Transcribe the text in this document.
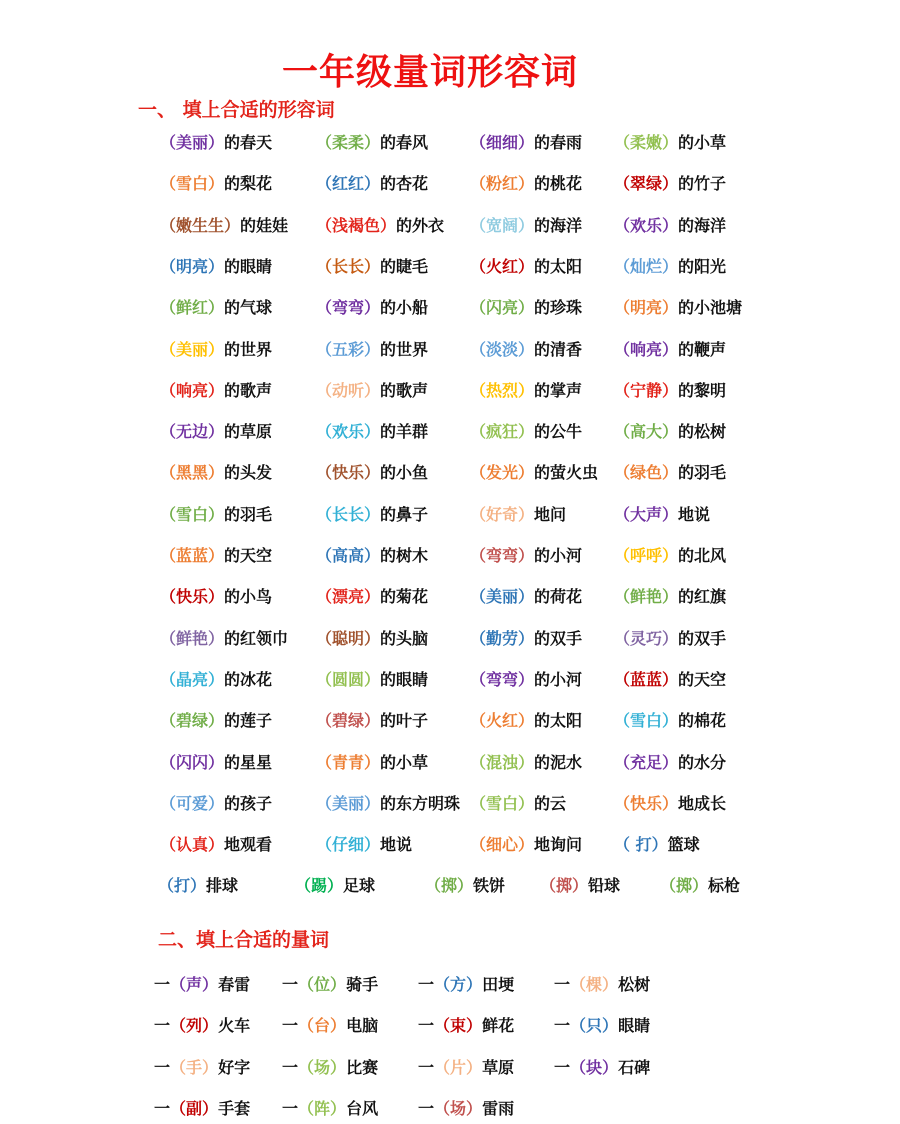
一年级量词形容词
一、 填上合适的形容词
（美丽）的春天	（柔柔）的春风	（细细）的春雨 （柔嫩）的小草
（雪白）的梨花	（红红）的杏花	（粉红）的桃花 （翠绿）的竹子
（嫩生生）的娃娃 （浅褐色）的外衣 （宽阔）的海洋 （欢乐）的海洋
（明亮）的眼睛	（长长）的睫毛	（火红）的太阳 （灿烂）的阳光
（鲜红）的气球	（弯弯）的小船	（闪亮）的珍珠 （明亮）的小池塘
（美丽）的世界	（五彩）的世界	（淡淡）的清香 （响亮）的鞭声
（响亮）的歌声	（动听）的歌声	（热烈）的掌声 （宁静）的黎明
（无边）的草原	（欢乐）的羊群	（疯狂）的公牛 （高大）的松树
（黑黑）的头发	（快乐）的小鱼	（发光）的萤火虫 （绿色）的羽毛
（雪白）的羽毛	（长长）的鼻子	（好奇）地问	（大声）地说
（蓝蓝）的天空	（高高）的树木	（弯弯）的小河 （呼呼）的北风
（快乐）的小鸟	（漂亮）的菊花	（美丽）的荷花 （鲜艳）的红旗
（鲜艳）的红领巾 （聪明）的头脑	（勤劳）的双手 （灵巧）的双手
（晶亮）的冰花	（圆圆）的眼睛	（弯弯）的小河 （蓝蓝）的天空
（碧绿）的莲子	（碧绿）的叶子	（火红）的太阳 （雪白）的棉花
（闪闪）的星星	（青青）的小草	（混浊）的泥水 （充足）的水分
（可爱）的孩子	（美丽）的东方明珠 （雪白）的云	（快乐）地成长
（认真）地观看	（仔细）地说	（细心）地询问 （ 打）篮球
（打）排球	（踢）足球	（掷）铁饼 （掷）铅球 （掷）标枪
二、填上合适的量词
一（声）春雷 一（位）骑手 一（方）田埂 一（棵）松树
一（列）火车 一（台）电脑 一（束）鲜花 一（只）眼睛
一（手）好字 一（场）比赛 一（片）草原 一（块）石碑
一（副）手套 一（阵）台风 一（场）雷雨
